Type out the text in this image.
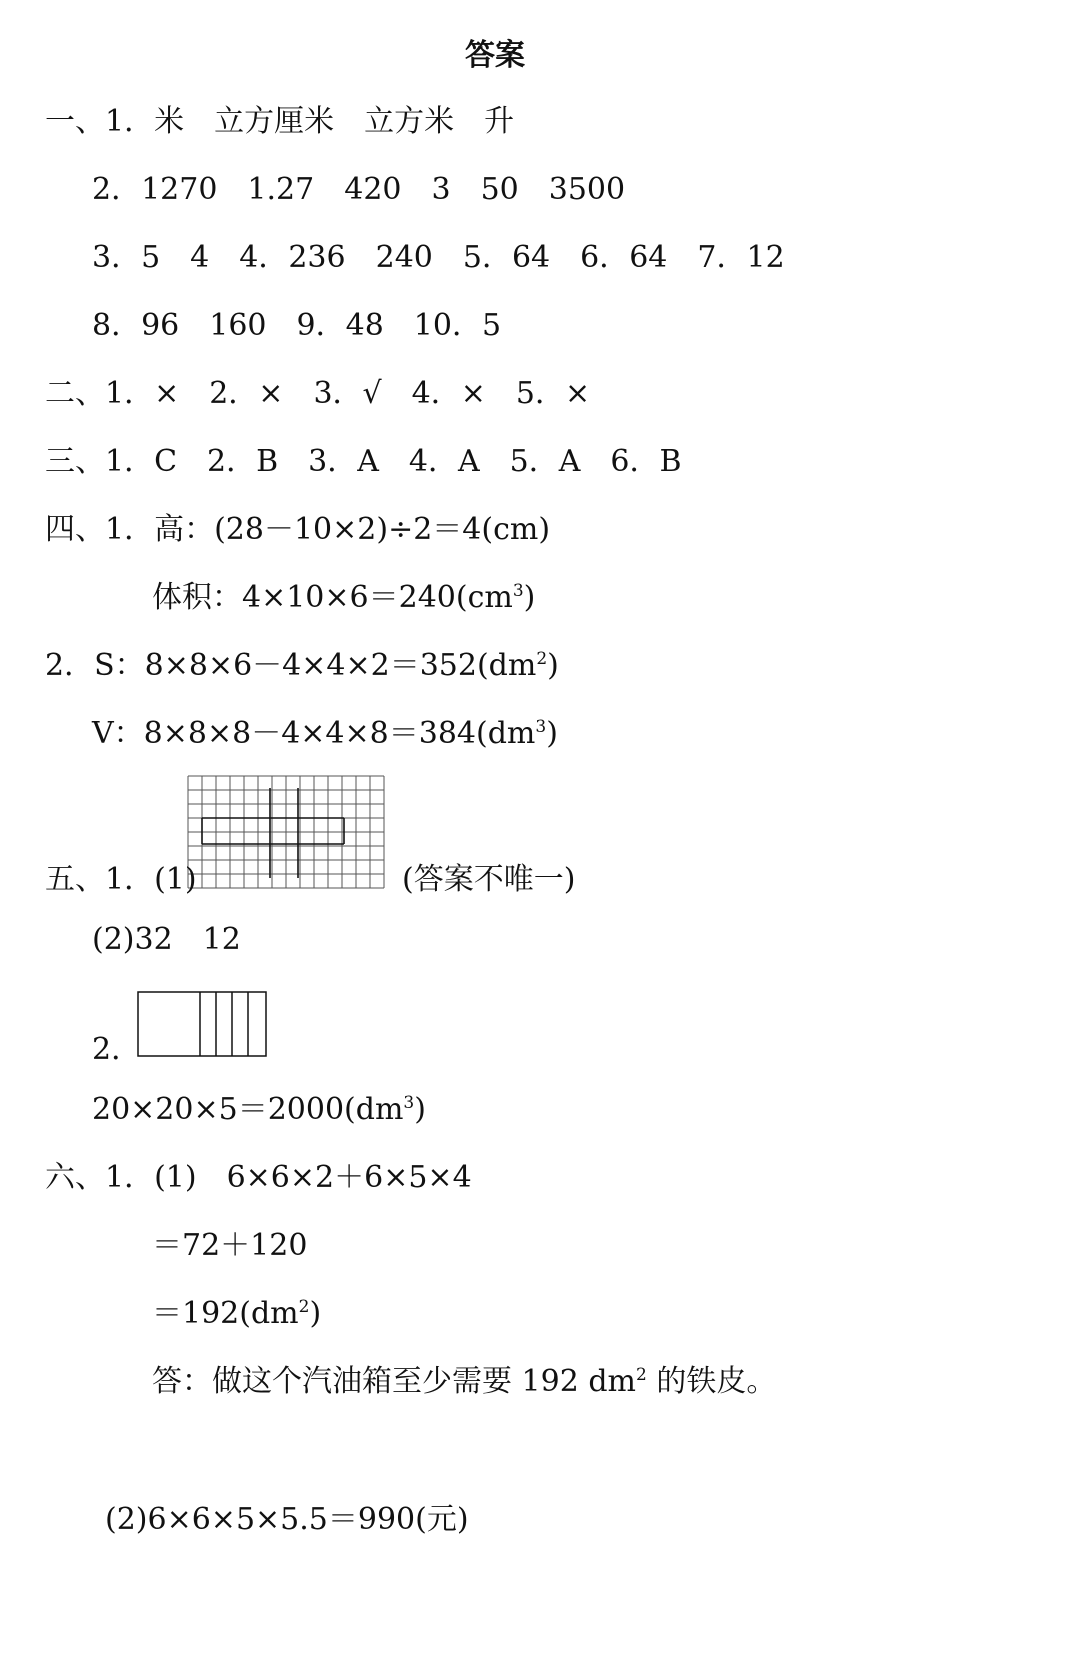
答案
一、1．米　立方厘米　立方米　升
2．1270　1.27　420　3　50　3500
3．5　4　4．236　240　5．64　6．64　7．12
8．96　160　9．48　10．5
二、1．×　2．×　3．√　4．×　5．×
三、1．C　2．B　3．A　4．A　5．A　6．B
四、1．高：(28－10×2)÷2＝4(cm)
体积：$4\times 10\times 6=240(cm^3)$
2．S：$8\times 8\times 6-4\times 4\times 2=352(dm^2)$
V：$8\times 8\times 8-4\times 4\times 8=384(dm^3)$
五、1．(1)	(答案不唯一)
(2)32　12
2．
$20\times 20\times 5=2000(dm^3)$
六、1．(1)　6×6×2＋6×5×4
＝72＋120
$=192(dm^2)$
答：做这个汽油箱至少需要 192 $dm^2$ 的铁皮。
(2)6×6×5×5.5＝990(元)
